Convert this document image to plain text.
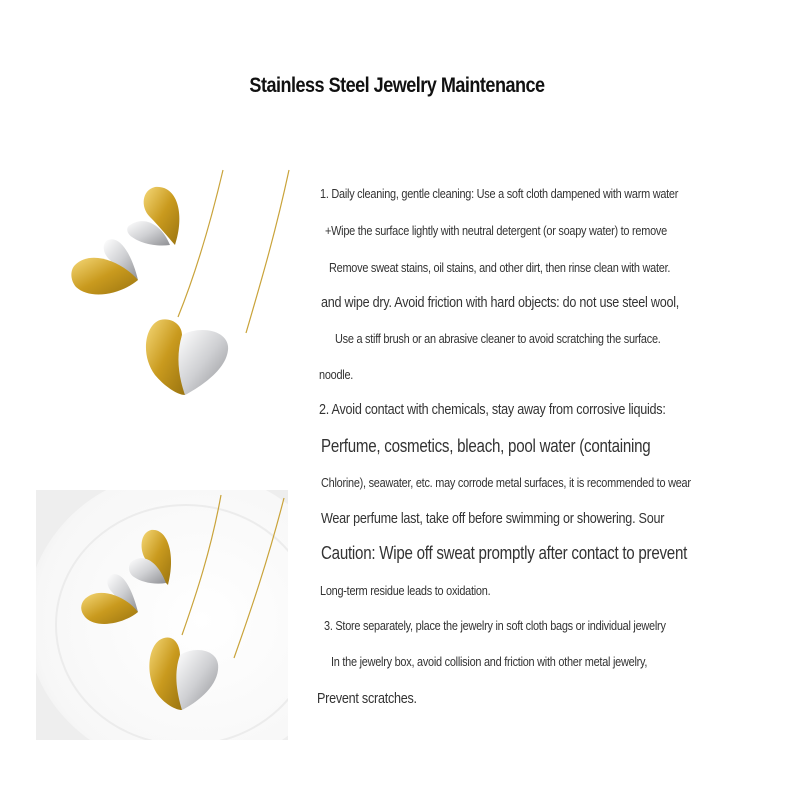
Stainless Steel Jewelry Maintenance
1. Daily cleaning, gentle cleaning: Use a soft cloth dampened with warm water
+Wipe the surface lightly with neutral detergent (or soapy water) to remove
Remove sweat stains, oil stains, and other dirt, then rinse clean with water.
and wipe dry. Avoid friction with hard objects: do not use steel wool,
Use a stiff brush or an abrasive cleaner to avoid scratching the surface.
noodle.
2. Avoid contact with chemicals, stay away from corrosive liquids:
Perfume, cosmetics, bleach, pool water (containing
Chlorine), seawater, etc. may corrode metal surfaces, it is recommended to wear
Wear perfume last, take off before swimming or showering. Sour
Caution: Wipe off sweat promptly after contact to prevent
Long-term residue leads to oxidation.
3. Store separately, place the jewelry in soft cloth bags or individual jewelry
In the jewelry box, avoid collision and friction with other metal jewelry,
Prevent scratches.
